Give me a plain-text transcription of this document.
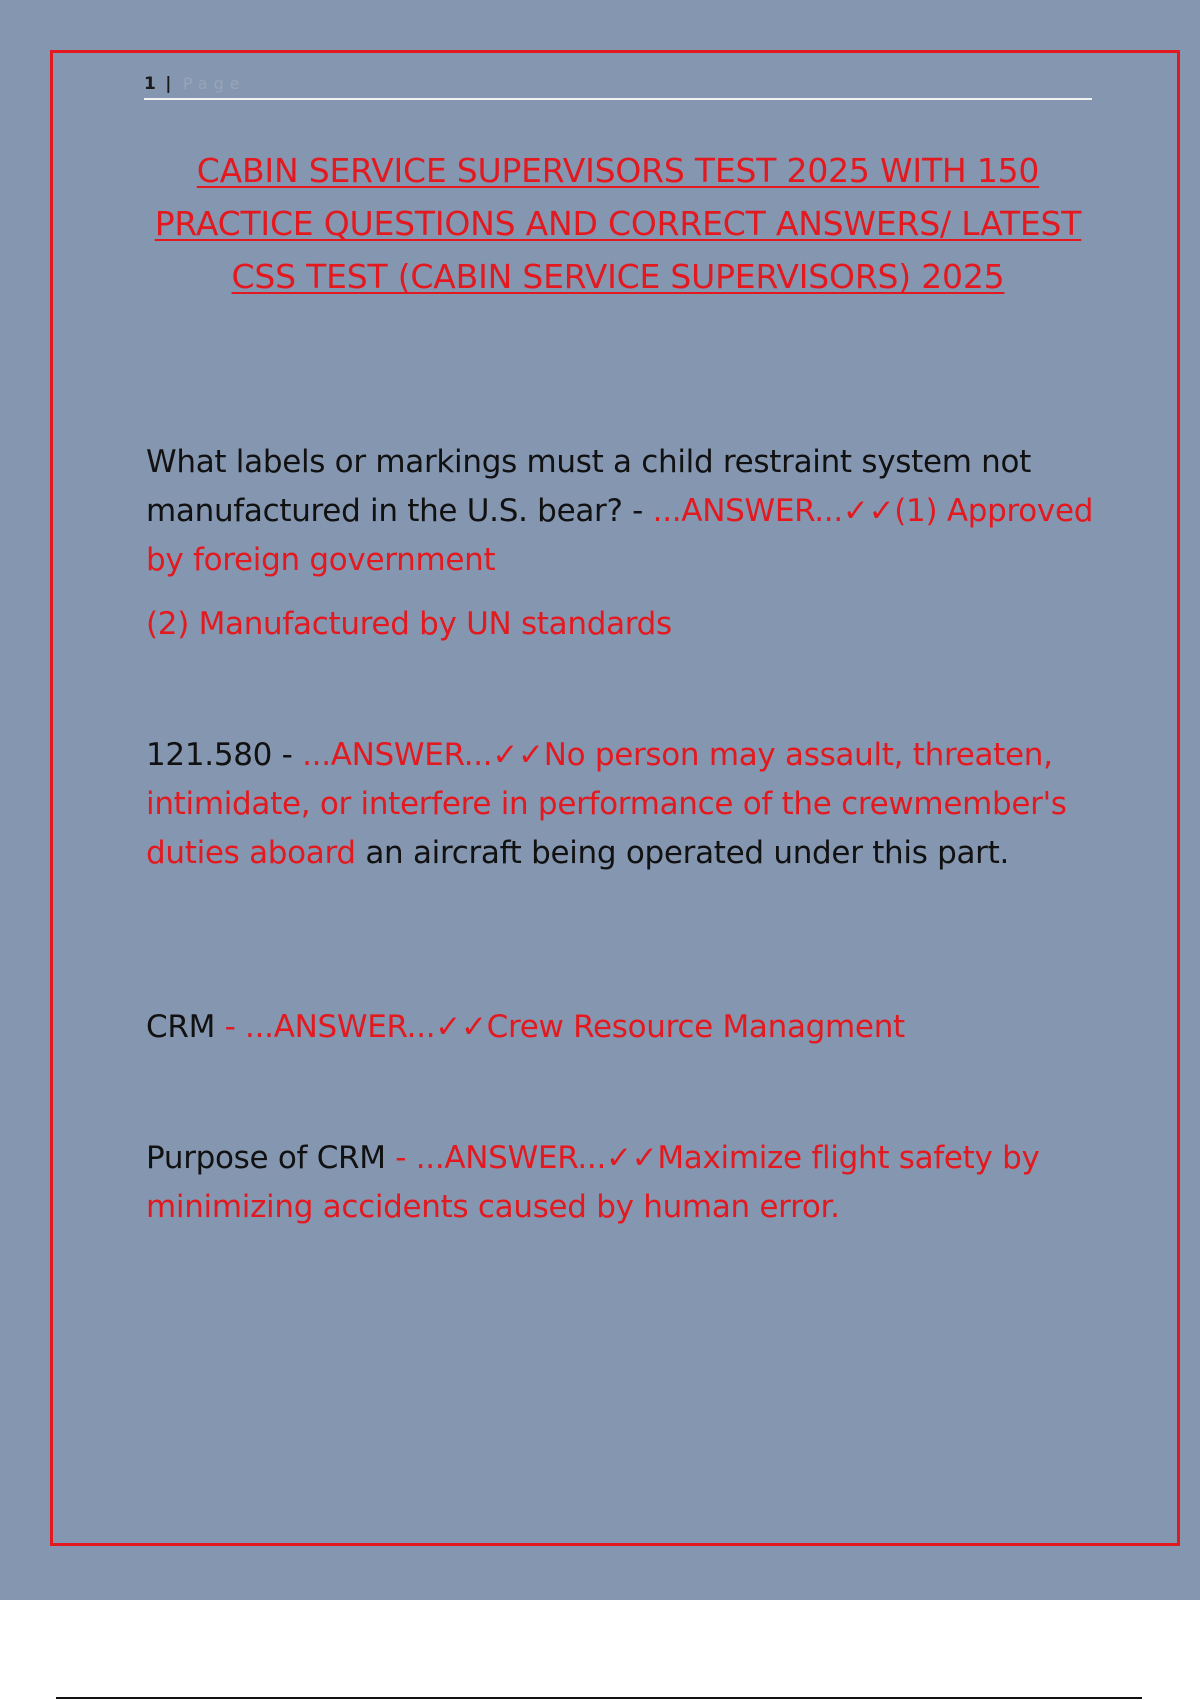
1 | Page
CABIN SERVICE SUPERVISORS TEST 2025 WITH 150 PRACTICE QUESTIONS AND CORRECT ANSWERS/ LATEST CSS TEST (CABIN SERVICE SUPERVISORS) 2025
What labels or markings must a child restraint system not manufactured in the U.S. bear? - ...ANSWER...✓✓(1) Approved by foreign government
(2) Manufactured by UN standards
121.580 - ...ANSWER...✓✓No person may assault, threaten, intimidate, or interfere in performance of the crewmember's duties aboard an aircraft being operated under this part.
CRM - ...ANSWER...✓✓Crew Resource Managment
Purpose of CRM - ...ANSWER...✓✓Maximize flight safety by minimizing accidents caused by human error.
